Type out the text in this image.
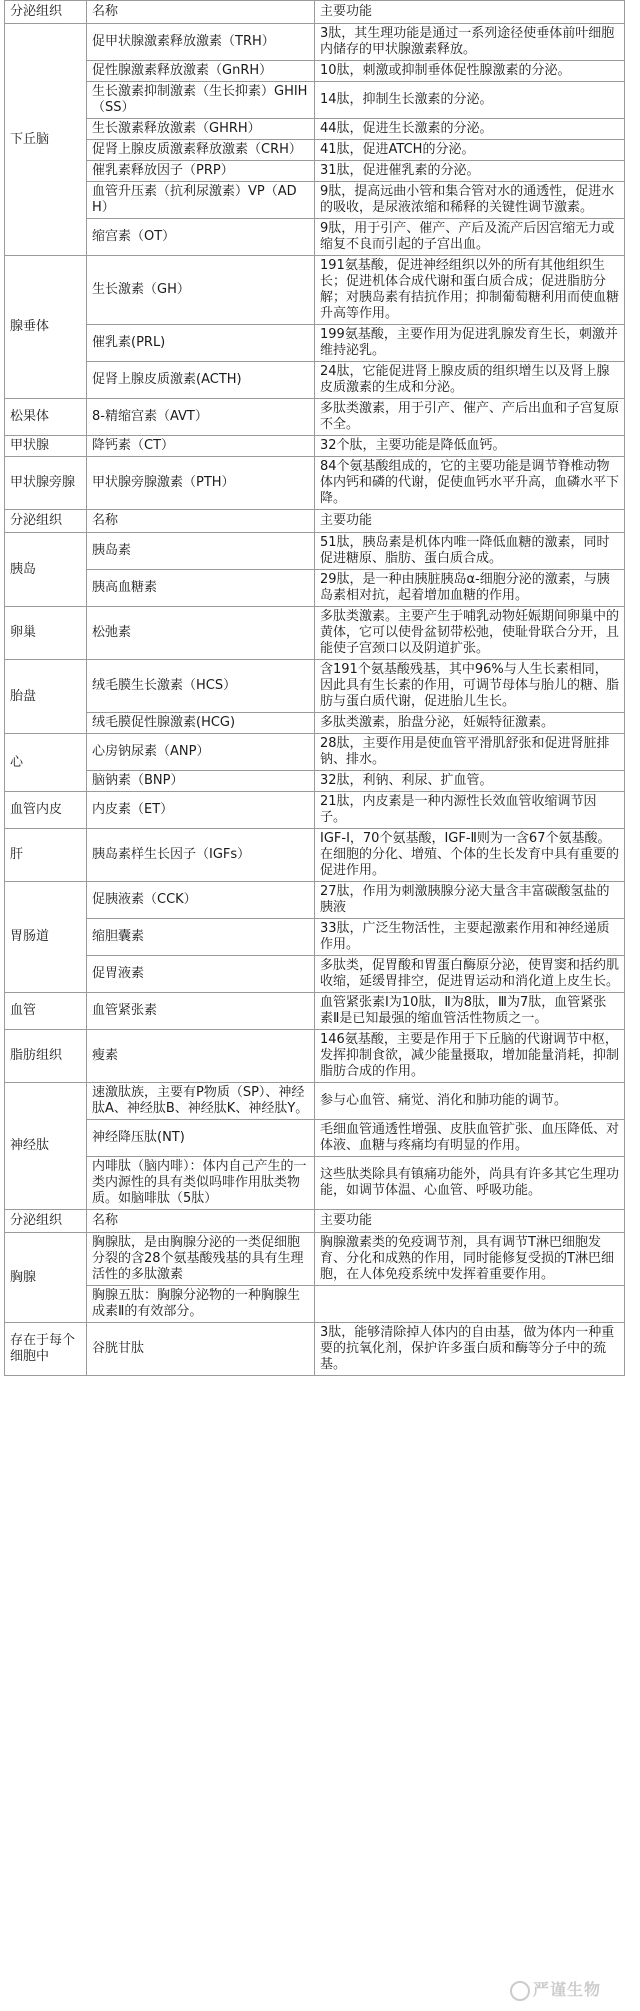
分泌组织	名称	主要功能
下丘脑	促甲状腺激素释放激素（TRH）	3肽，其生理功能是通过一系列途径使垂体前叶细胞内储存的甲状腺激素释放。
	促性腺激素释放激素（GnRH）	10肽，刺激或抑制垂体促性腺激素的分泌。
	生长激素抑制激素（生长抑素）GHIH（SS）	14肽，抑制生长激素的分泌。
	生长激素释放激素（GHRH）	44肽，促进生长激素的分泌。
	促肾上腺皮质激素释放激素（CRH）	41肽，促进ATCH的分泌。
	催乳素释放因子（PRP）	31肽，促进催乳素的分泌。
	血管升压素（抗利尿激素）VP（ADH）	9肽，提高远曲小管和集合管对水的通透性，促进水的吸收，是尿液浓缩和稀释的关键性调节激素。
	缩宫素（OT）	9肽，用于引产、催产、产后及流产后因宫缩无力或缩复不良而引起的子宫出血。
腺垂体	生长激素（GH）	191氨基酸，促进神经组织以外的所有其他组织生长；促进机体合成代谢和蛋白质合成；促进脂肪分解；对胰岛素有拮抗作用；抑制葡萄糖利用而使血糖升高等作用。
	催乳素(PRL)	199氨基酸，主要作用为促进乳腺发育生长，刺激并维持泌乳。
	促肾上腺皮质激素(ACTH)	24肽，它能促进肾上腺皮质的组织增生以及肾上腺皮质激素的生成和分泌。
松果体	8-精缩宫素（AVT）	多肽类激素，用于引产、催产、产后出血和子宫复原不全。
甲状腺	降钙素（CT）	32个肽，主要功能是降低血钙。
甲状腺旁腺	甲状腺旁腺激素（PTH）	84个氨基酸组成的，它的主要功能是调节脊椎动物体内钙和磷的代谢，促使血钙水平升高，血磷水平下降。
分泌组织	名称	主要功能
胰岛	胰岛素	51肽，胰岛素是机体内唯一降低血糖的激素，同时促进糖原、脂肪、蛋白质合成。
	胰高血糖素	29肽，是一种由胰脏胰岛α-细胞分泌的激素，与胰岛素相对抗，起着增加血糖的作用。
卵巢	松弛素	多肽类激素。主要产生于哺乳动物妊娠期间卵巢中的黄体，它可以使骨盆韧带松弛，使耻骨联合分开，且能使子宫颈口以及阴道扩张。
胎盘	绒毛膜生长激素（HCS）	含191个氨基酸残基，其中96%与人生长素相同，因此具有生长素的作用，可调节母体与胎儿的糖、脂肪与蛋白质代谢，促进胎儿生长。
	绒毛膜促性腺激素(HCG)	多肽类激素，胎盘分泌，妊娠特征激素。
心	心房钠尿素（ANP）	28肽，主要作用是使血管平滑肌舒张和促进肾脏排钠、排水。
	脑钠素（BNP）	32肽，利钠、利尿、扩血管。
血管内皮	内皮素（ET）	21肽，内皮素是一种内源性长效血管收缩调节因子。
肝	胰岛素样生长因子（IGFs）	IGF-Ⅰ，70个氨基酸，IGF-Ⅱ则为一含67个氨基酸。在细胞的分化、增殖、个体的生长发育中具有重要的促进作用。
胃肠道	促胰液素（CCK）	27肽，作用为刺激胰腺分泌大量含丰富碳酸氢盐的胰液
	缩胆囊素	33肽，广泛生物活性，主要起激素作用和神经递质作用。
	促胃液素	多肽类，促胃酸和胃蛋白酶原分泌，使胃窦和括约肌收缩，延缓胃排空，促进胃运动和消化道上皮生长。
血管	血管紧张素	血管紧张素Ⅰ为10肽，Ⅱ为8肽，Ⅲ为7肽，血管紧张素Ⅱ是已知最强的缩血管活性物质之一。
脂肪组织	瘦素	146氨基酸，主要是作用于下丘脑的代谢调节中枢，发挥抑制食欲，减少能量摄取，增加能量消耗，抑制脂肪合成的作用。
神经肽	速激肽族，主要有P物质（SP）、神经肽A、神经肽B、神经肽K、神经肽Y。	参与心血管、痛觉、消化和肺功能的调节。
	神经降压肽(NT)	毛细血管通透性增强、皮肤血管扩张、血压降低、对体液、血糖与疼痛均有明显的作用。
	内啡肽（脑内啡）：体内自己产生的一类内源性的具有类似吗啡作用肽类物质。如脑啡肽（5肽）	这些肽类除具有镇痛功能外，尚具有许多其它生理功能，如调节体温、心血管、呼吸功能。
分泌组织	名称	主要功能
胸腺	胸腺肽，是由胸腺分泌的一类促细胞分裂的含28个氨基酸残基的具有生理活性的多肽激素	胸腺激素类的免疫调节剂，具有调节T淋巴细胞发育、分化和成熟的作用，同时能修复受损的T淋巴细胞，在人体免疫系统中发挥着重要作用。
	胸腺五肽：胸腺分泌物的一种胸腺生成素Ⅱ的有效部分。	
存在于每个细胞中	谷胱甘肽	3肽，能够清除掉人体内的自由基，做为体内一种重要的抗氧化剂，保护许多蛋白质和酶等分子中的巯基。
严谨生物
